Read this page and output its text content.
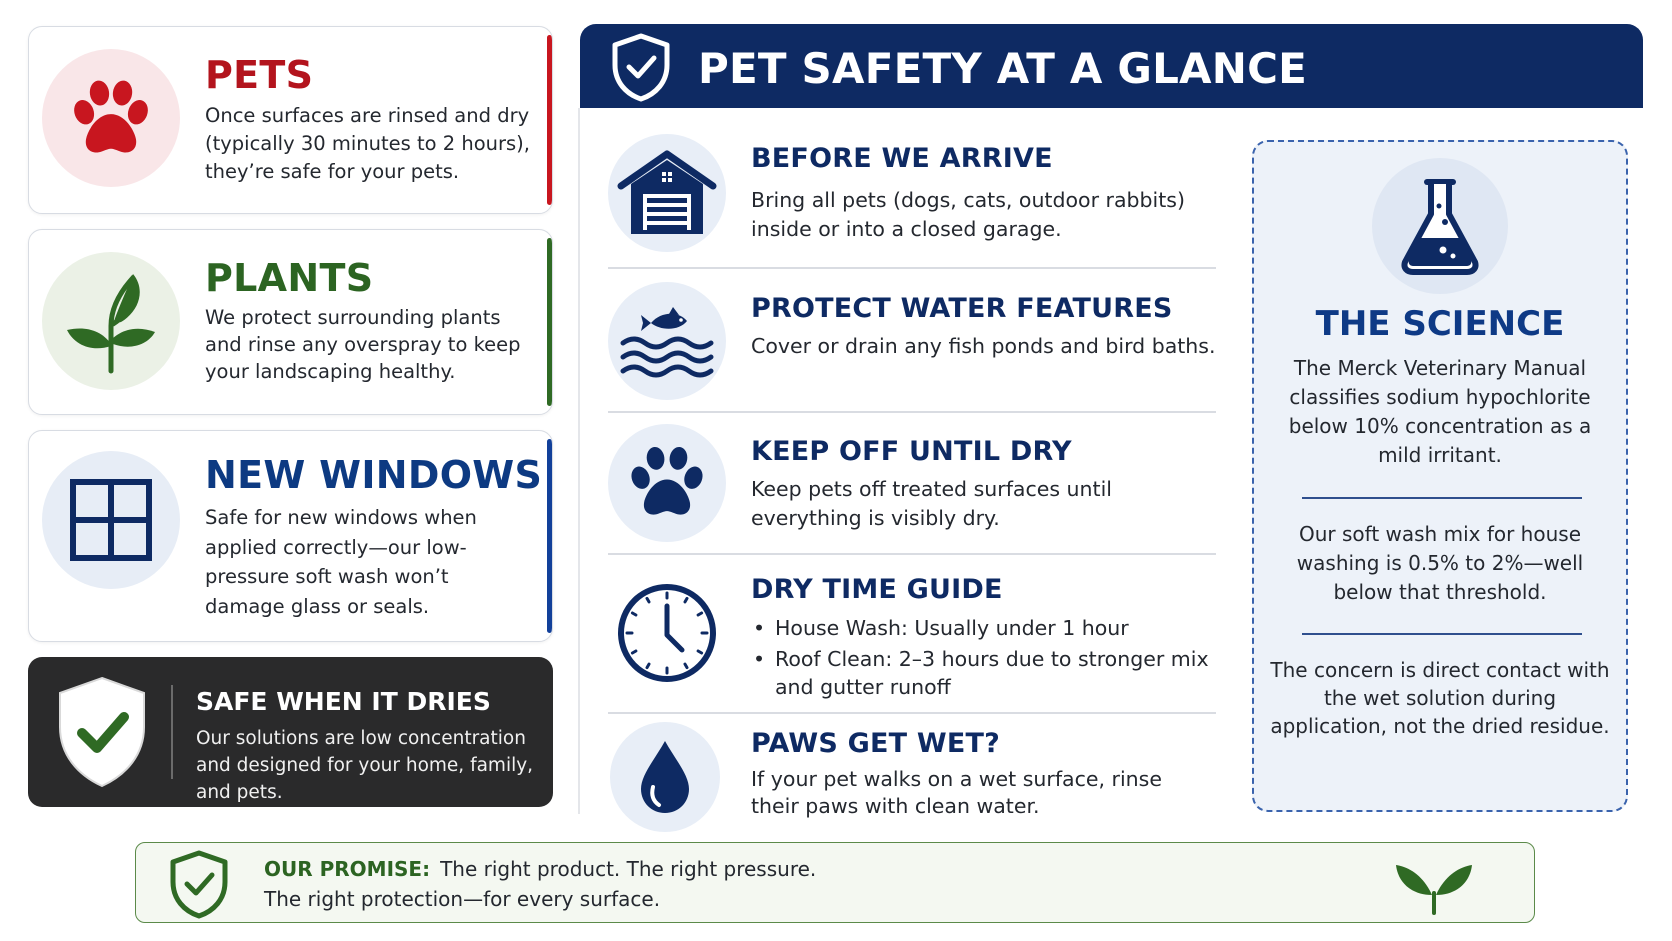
PETS
Once surfaces are rinsed and dry (typically 30 minutes to 2 hours), they’re safe for your pets.
PLANTS
We protect surrounding plants and rinse any overspray to keep your landscaping healthy.
NEW WINDOWS
Safe for new windows when applied correctly—our low-pressure soft wash won’t damage glass or seals.
SAFE WHEN IT DRIES
Our solutions are low concentration and designed for your home, family, and pets.
PET SAFETY AT A GLANCE
BEFORE WE ARRIVE
Bring all pets (dogs, cats, outdoor rabbits) inside or into a closed garage.
PROTECT WATER FEATURES
Cover or drain any fish ponds and bird baths.
KEEP OFF UNTIL DRY
Keep pets off treated surfaces until everything is visibly dry.
DRY TIME GUIDE
• House Wash: Usually under 1 hour
• Roof Clean: 2–3 hours due to stronger mix and gutter runoff
PAWS GET WET?
If your pet walks on a wet surface, rinse their paws with clean water.
THE SCIENCE
The Merck Veterinary Manual classifies sodium hypochlorite below 10% concentration as a mild irritant.
Our soft wash mix for house washing is 0.5% to 2%—well below that threshold.
The concern is direct contact with the wet solution during application, not the dried residue.
OUR PROMISE: The right product. The right pressure.
The right protection—for every surface.
